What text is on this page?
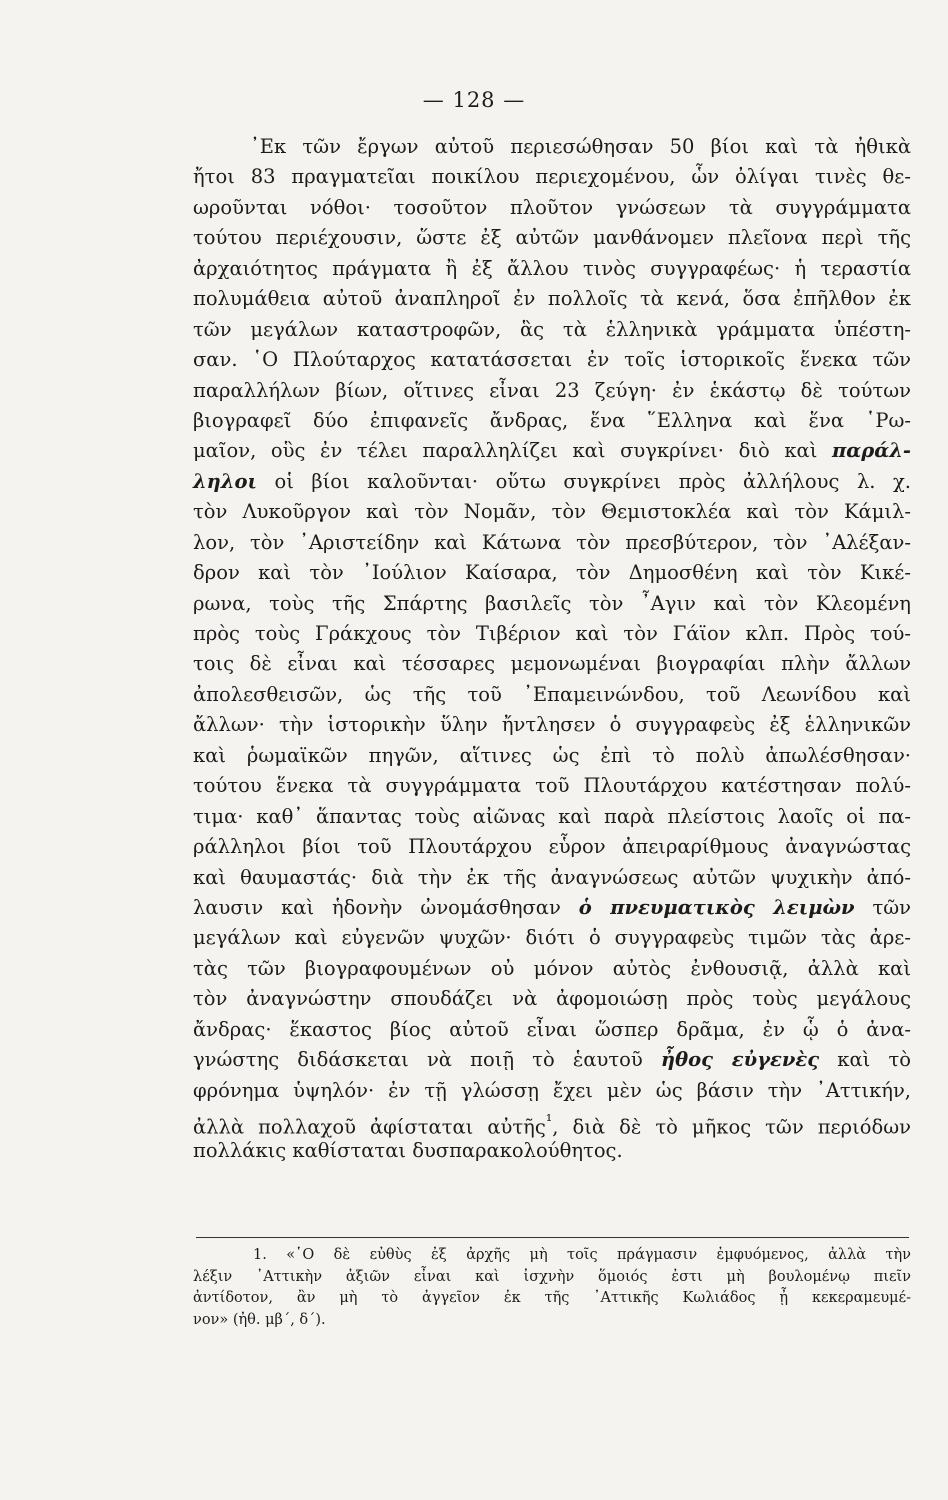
— 128 —
᾽Εκ τῶν ἔργων αὐτοῦ περιεσώθησαν 50 βίοι καὶ τὰ ἠθικὰ
ἤτοι 83 πραγματεῖαι ποικίλου περιεχομένου, ὧν ὀλίγαι τινὲς θε-
ωροῦνται νόθοι· τοσοῦτον πλοῦτον γνώσεων τὰ συγγράμματα
τούτου περιέχουσιν, ὥστε ἐξ αὐτῶν μανθάνομεν πλεῖονα περὶ τῆς
ἀρχαιότητος πράγματα ἢ ἐξ ἄλλου τινὸς συγγραφέως· ἡ τεραστία
πολυμάθεια αὐτοῦ ἀναπληροῖ ἐν πολλοῖς τὰ κενά, ὅσα ἐπῆλθον ἐκ
τῶν μεγάλων καταστροφῶν, ἃς τὰ ἑλληνικὰ γράμματα ὑπέστη-
σαν. ῾Ο Πλούταρχος κατατάσσεται ἐν τοῖς ἱστορικοῖς ἕνεκα τῶν
παραλλήλων βίων, οἵτινες εἶναι 23 ζεύγη· ἐν ἑκάστῳ δὲ τούτων
βιογραφεῖ δύο ἐπιφανεῖς ἄνδρας, ἕνα ῞Ελληνα καὶ ἕνα ῾Ρω-
μαῖον, οὓς ἐν τέλει παραλληλίζει καὶ συγκρίνει· διὸ καὶ παράλ-
ληλοι οἱ βίοι καλοῦνται· οὕτω συγκρίνει πρὸς ἀλλήλους λ. χ.
τὸν Λυκοῦργον καὶ τὸν Νομᾶν, τὸν Θεμιστοκλέα καὶ τὸν Κάμιλ-
λον, τὸν ᾽Αριστείδην καὶ Κάτωνα τὸν πρεσβύτερον, τὸν ᾽Αλέξαν-
δρον καὶ τὸν ᾽Ιούλιον Καίσαρα, τὸν Δημοσθένη καὶ τὸν Κικέ-
ρωνα, τοὺς τῆς Σπάρτης βασιλεῖς τὸν ῏Αγιν καὶ τὸν Κλεομένη
πρὸς τοὺς Γράκχους τὸν Τιβέριον καὶ τὸν Γάϊον κλπ. Πρὸς τού-
τοις δὲ εἶναι καὶ τέσσαρες μεμονωμέναι βιογραφίαι πλὴν ἄλλων
ἀπολεσθεισῶν, ὡς τῆς τοῦ ᾽Επαμεινώνδου, τοῦ Λεωνίδου καὶ
ἄλλων· τὴν ἱστορικὴν ὕλην ἤντλησεν ὁ συγγραφεὺς ἐξ ἑλληνικῶν
καὶ ῥωμαϊκῶν πηγῶν, αἵτινες ὡς ἐπὶ τὸ πολὺ ἀπωλέσθησαν·
τούτου ἕνεκα τὰ συγγράμματα τοῦ Πλουτάρχου κατέστησαν πολύ-
τιμα· καθ᾽ ἅπαντας τοὺς αἰῶνας καὶ παρὰ πλείστοις λαοῖς οἱ πα-
ράλληλοι βίοι τοῦ Πλουτάρχου εὗρον ἀπειραρίθμους ἀναγνώστας
καὶ θαυμαστάς· διὰ τὴν ἐκ τῆς ἀναγνώσεως αὐτῶν ψυχικὴν ἀπό-
λαυσιν καὶ ἡδονὴν ὠνομάσθησαν ὁ πνευματικὸς λειμὼν τῶν
μεγάλων καὶ εὐγενῶν ψυχῶν· διότι ὁ συγγραφεὺς τιμῶν τὰς ἀρε-
τὰς τῶν βιογραφουμένων οὐ μόνον αὐτὸς ἐνθουσιᾷ, ἀλλὰ καὶ
τὸν ἀναγνώστην σπουδάζει νὰ ἀφομοιώσῃ πρὸς τοὺς μεγάλους
ἄνδρας· ἕκαστος βίος αὐτοῦ εἶναι ὥσπερ δρᾶμα, ἐν ᾧ ὁ ἀνα-
γνώστης διδάσκεται νὰ ποιῇ τὸ ἑαυτοῦ ἦθος εὐγενὲς καὶ τὸ
φρόνημα ὑψηλόν· ἐν τῇ γλώσσῃ ἔχει μὲν ὡς βάσιν τὴν ᾽Αττικήν,
ἀλλὰ πολλαχοῦ ἀφίσταται αὐτῆς$^{^1}$, διὰ δὲ τὸ μῆκος τῶν περιόδων
πολλάκις καθίσταται δυσπαρακολούθητος.
1. «῾Ο δὲ εὐθὺς ἐξ ἀρχῆς μὴ τοῖς πράγμασιν ἐμφυόμενος, ἀλλὰ τὴν
λέξιν ᾽Αττικὴν ἀξιῶν εἶναι καὶ ἰσχνὴν ὅμοιός ἐστι μὴ βουλομένῳ πιεῖν
ἀντίδοτον, ἂν μὴ τὸ ἀγγεῖον ἐκ τῆς ᾽Αττικῆς Κωλιάδος ᾖ κεκεραμευμέ-
νον» (ἠθ. μβ΄, δ΄).
